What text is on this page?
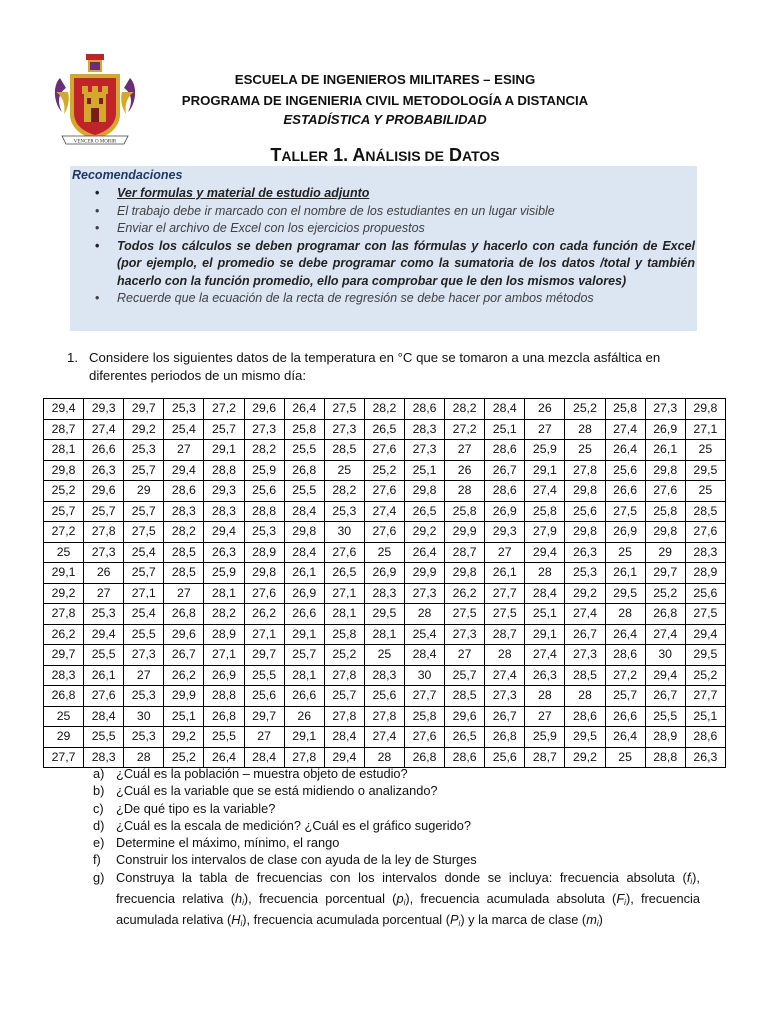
VENCER O MORIR
ESCUELA DE INGENIEROS MILITARES – ESING
PROGRAMA DE INGENIERIA CIVIL METODOLOGÍA A DISTANCIA
ESTADÍSTICA Y PROBABILIDAD
TALLER 1. ANÁLISIS DE DATOS
Recomendaciones
• Ver formulas y material de estudio adjunto
• El trabajo debe ir marcado con el nombre de los estudiantes en un lugar visible
• Enviar el archivo de Excel con los ejercicios propuestos
• Todos los cálculos se deben programar con las fórmulas y hacerlo con cada función de Excel (por ejemplo, el promedio se debe programar como la sumatoria de los datos /total y también hacerlo con la función promedio, ello para comprobar que le den los mismos valores)
• Recuerde que la ecuación de la recta de regresión se debe hacer por ambos métodos
1. Considere los siguientes datos de la temperatura en °C que se tomaron a una mezcla asfáltica en diferentes periodos de un mismo día:
29,4	29,3	29,7	25,3	27,2	29,6	26,4	27,5	28,2	28,6	28,2	28,4	26	25,2	25,8	27,3	29,8
28,7	27,4	29,2	25,4	25,7	27,3	25,8	27,3	26,5	28,3	27,2	25,1	27	28	27,4	26,9	27,1
28,1	26,6	25,3	27	29,1	28,2	25,5	28,5	27,6	27,3	27	28,6	25,9	25	26,4	26,1	25
29,8	26,3	25,7	29,4	28,8	25,9	26,8	25	25,2	25,1	26	26,7	29,1	27,8	25,6	29,8	29,5
25,2	29,6	29	28,6	29,3	25,6	25,5	28,2	27,6	29,8	28	28,6	27,4	29,8	26,6	27,6	25
25,7	25,7	25,7	28,3	28,3	28,8	28,4	25,3	27,4	26,5	25,8	26,9	25,8	25,6	27,5	25,8	28,5
27,2	27,8	27,5	28,2	29,4	25,3	29,8	30	27,6	29,2	29,9	29,3	27,9	29,8	26,9	29,8	27,6
25	27,3	25,4	28,5	26,3	28,9	28,4	27,6	25	26,4	28,7	27	29,4	26,3	25	29	28,3
29,1	26	25,7	28,5	25,9	29,8	26,1	26,5	26,9	29,9	29,8	26,1	28	25,3	26,1	29,7	28,9
29,2	27	27,1	27	28,1	27,6	26,9	27,1	28,3	27,3	26,2	27,7	28,4	29,2	29,5	25,2	25,6
27,8	25,3	25,4	26,8	28,2	26,2	26,6	28,1	29,5	28	27,5	27,5	25,1	27,4	28	26,8	27,5
26,2	29,4	25,5	29,6	28,9	27,1	29,1	25,8	28,1	25,4	27,3	28,7	29,1	26,7	26,4	27,4	29,4
29,7	25,5	27,3	26,7	27,1	29,7	25,7	25,2	25	28,4	27	28	27,4	27,3	28,6	30	29,5
28,3	26,1	27	26,2	26,9	25,5	28,1	27,8	28,3	30	25,7	27,4	26,3	28,5	27,2	29,4	25,2
26,8	27,6	25,3	29,9	28,8	25,6	26,6	25,7	25,6	27,7	28,5	27,3	28	28	25,7	26,7	27,7
25	28,4	30	25,1	26,8	29,7	26	27,8	27,8	25,8	29,6	26,7	27	28,6	26,6	25,5	25,1
29	25,5	25,3	29,2	25,5	27	29,1	28,4	27,4	27,6	26,5	26,8	25,9	29,5	26,4	28,9	28,6
27,7	28,3	28	25,2	26,4	28,4	27,8	29,4	28	26,8	28,6	25,6	28,7	29,2	25	28,8	26,3
a) ¿Cuál es la población – muestra objeto de estudio?
b) ¿Cuál es la variable que se está midiendo o analizando?
c) ¿De qué tipo es la variable?
d) ¿Cuál es la escala de medición? ¿Cuál es el gráfico sugerido?
e) Determine el máximo, mínimo, el rango
f) Construir los intervalos de clase con ayuda de la ley de Sturges
g) Construya la tabla de frecuencias con los intervalos donde se incluya: frecuencia absoluta $(f_i)$, frecuencia relativa $(h_i)$, frecuencia porcentual $(p_i)$, frecuencia acumulada absoluta $(F_i)$, frecuencia acumulada relativa $(H_i)$, frecuencia acumulada porcentual $(P_i)$ y la marca de clase $(m_i)$
